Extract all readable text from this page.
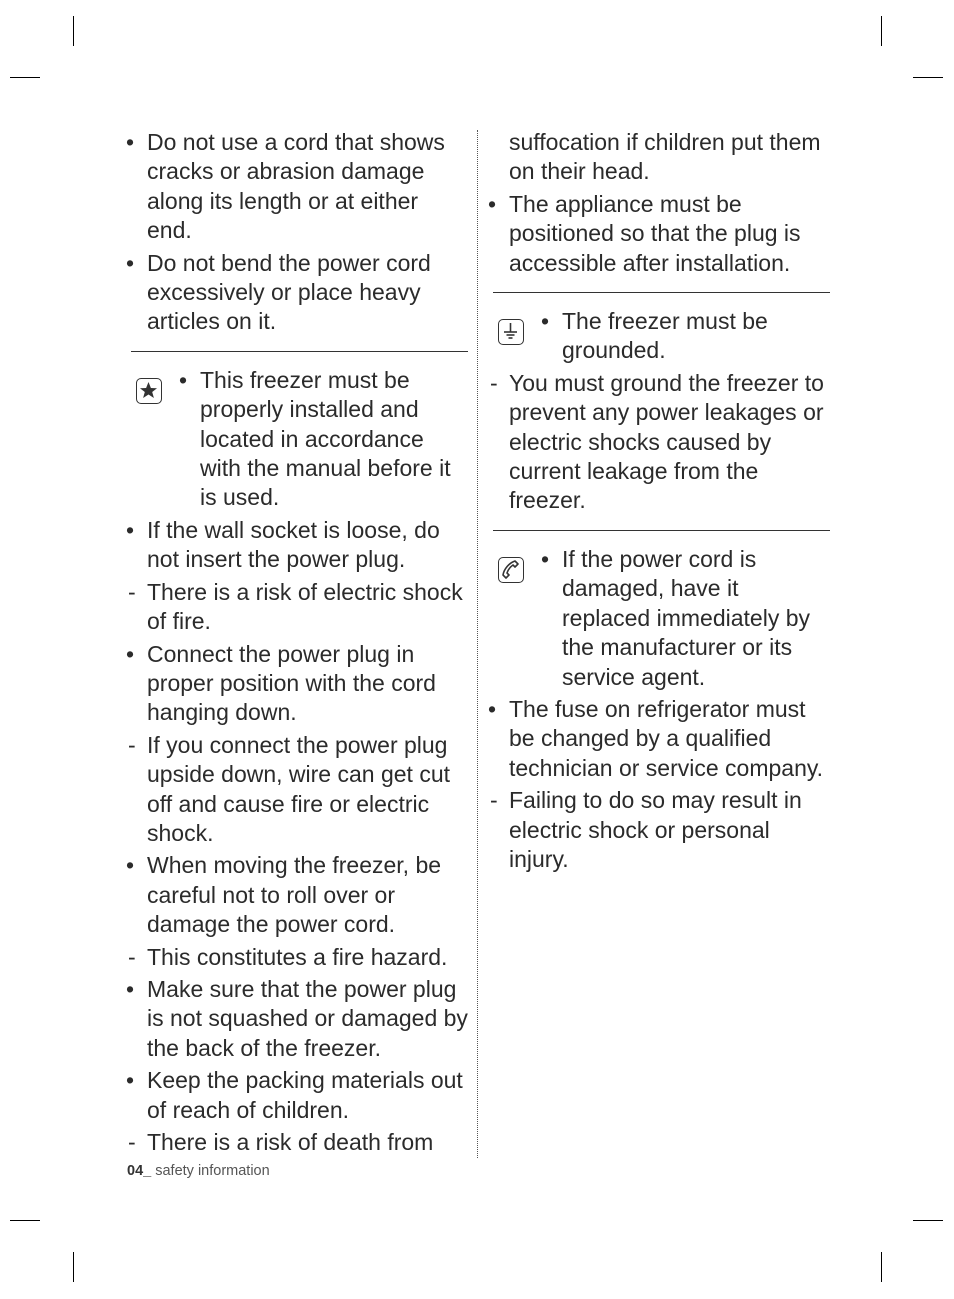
• Do not use a cord that shows cracks or abrasion damage along its length or at either end.
• Do not bend the power cord excessively or place heavy articles on it.
• This freezer must be properly installed and located in accordance with the manual before it is used.
• If the wall socket is loose, do not insert the power plug.
- There is a risk of electric shock of fire.
• Connect the power plug in proper position with the cord hanging down.
- If you connect the power plug upside down, wire can get cut off and cause fire or electric shock.
• When moving the freezer, be careful not to roll over or damage the power cord.
- This constitutes a fire hazard.
• Make sure that the power plug is not squashed or damaged by the back of the freezer.
• Keep the packing materials out of reach of children.
- There is a risk of death from
suffocation if children put them on their head.
• The appliance must be positioned so that the plug is accessible after installation.
• The freezer must be grounded.
- You must ground the freezer to prevent any power leakages or electric shocks caused by current leakage from the freezer.
• If the power cord is damaged, have it replaced immediately by the manufacturer or its service agent.
• The fuse on refrigerator must be changed by a qualified technician or service company.
- Failing to do so may result in electric shock or personal injury.
04_ safety information
